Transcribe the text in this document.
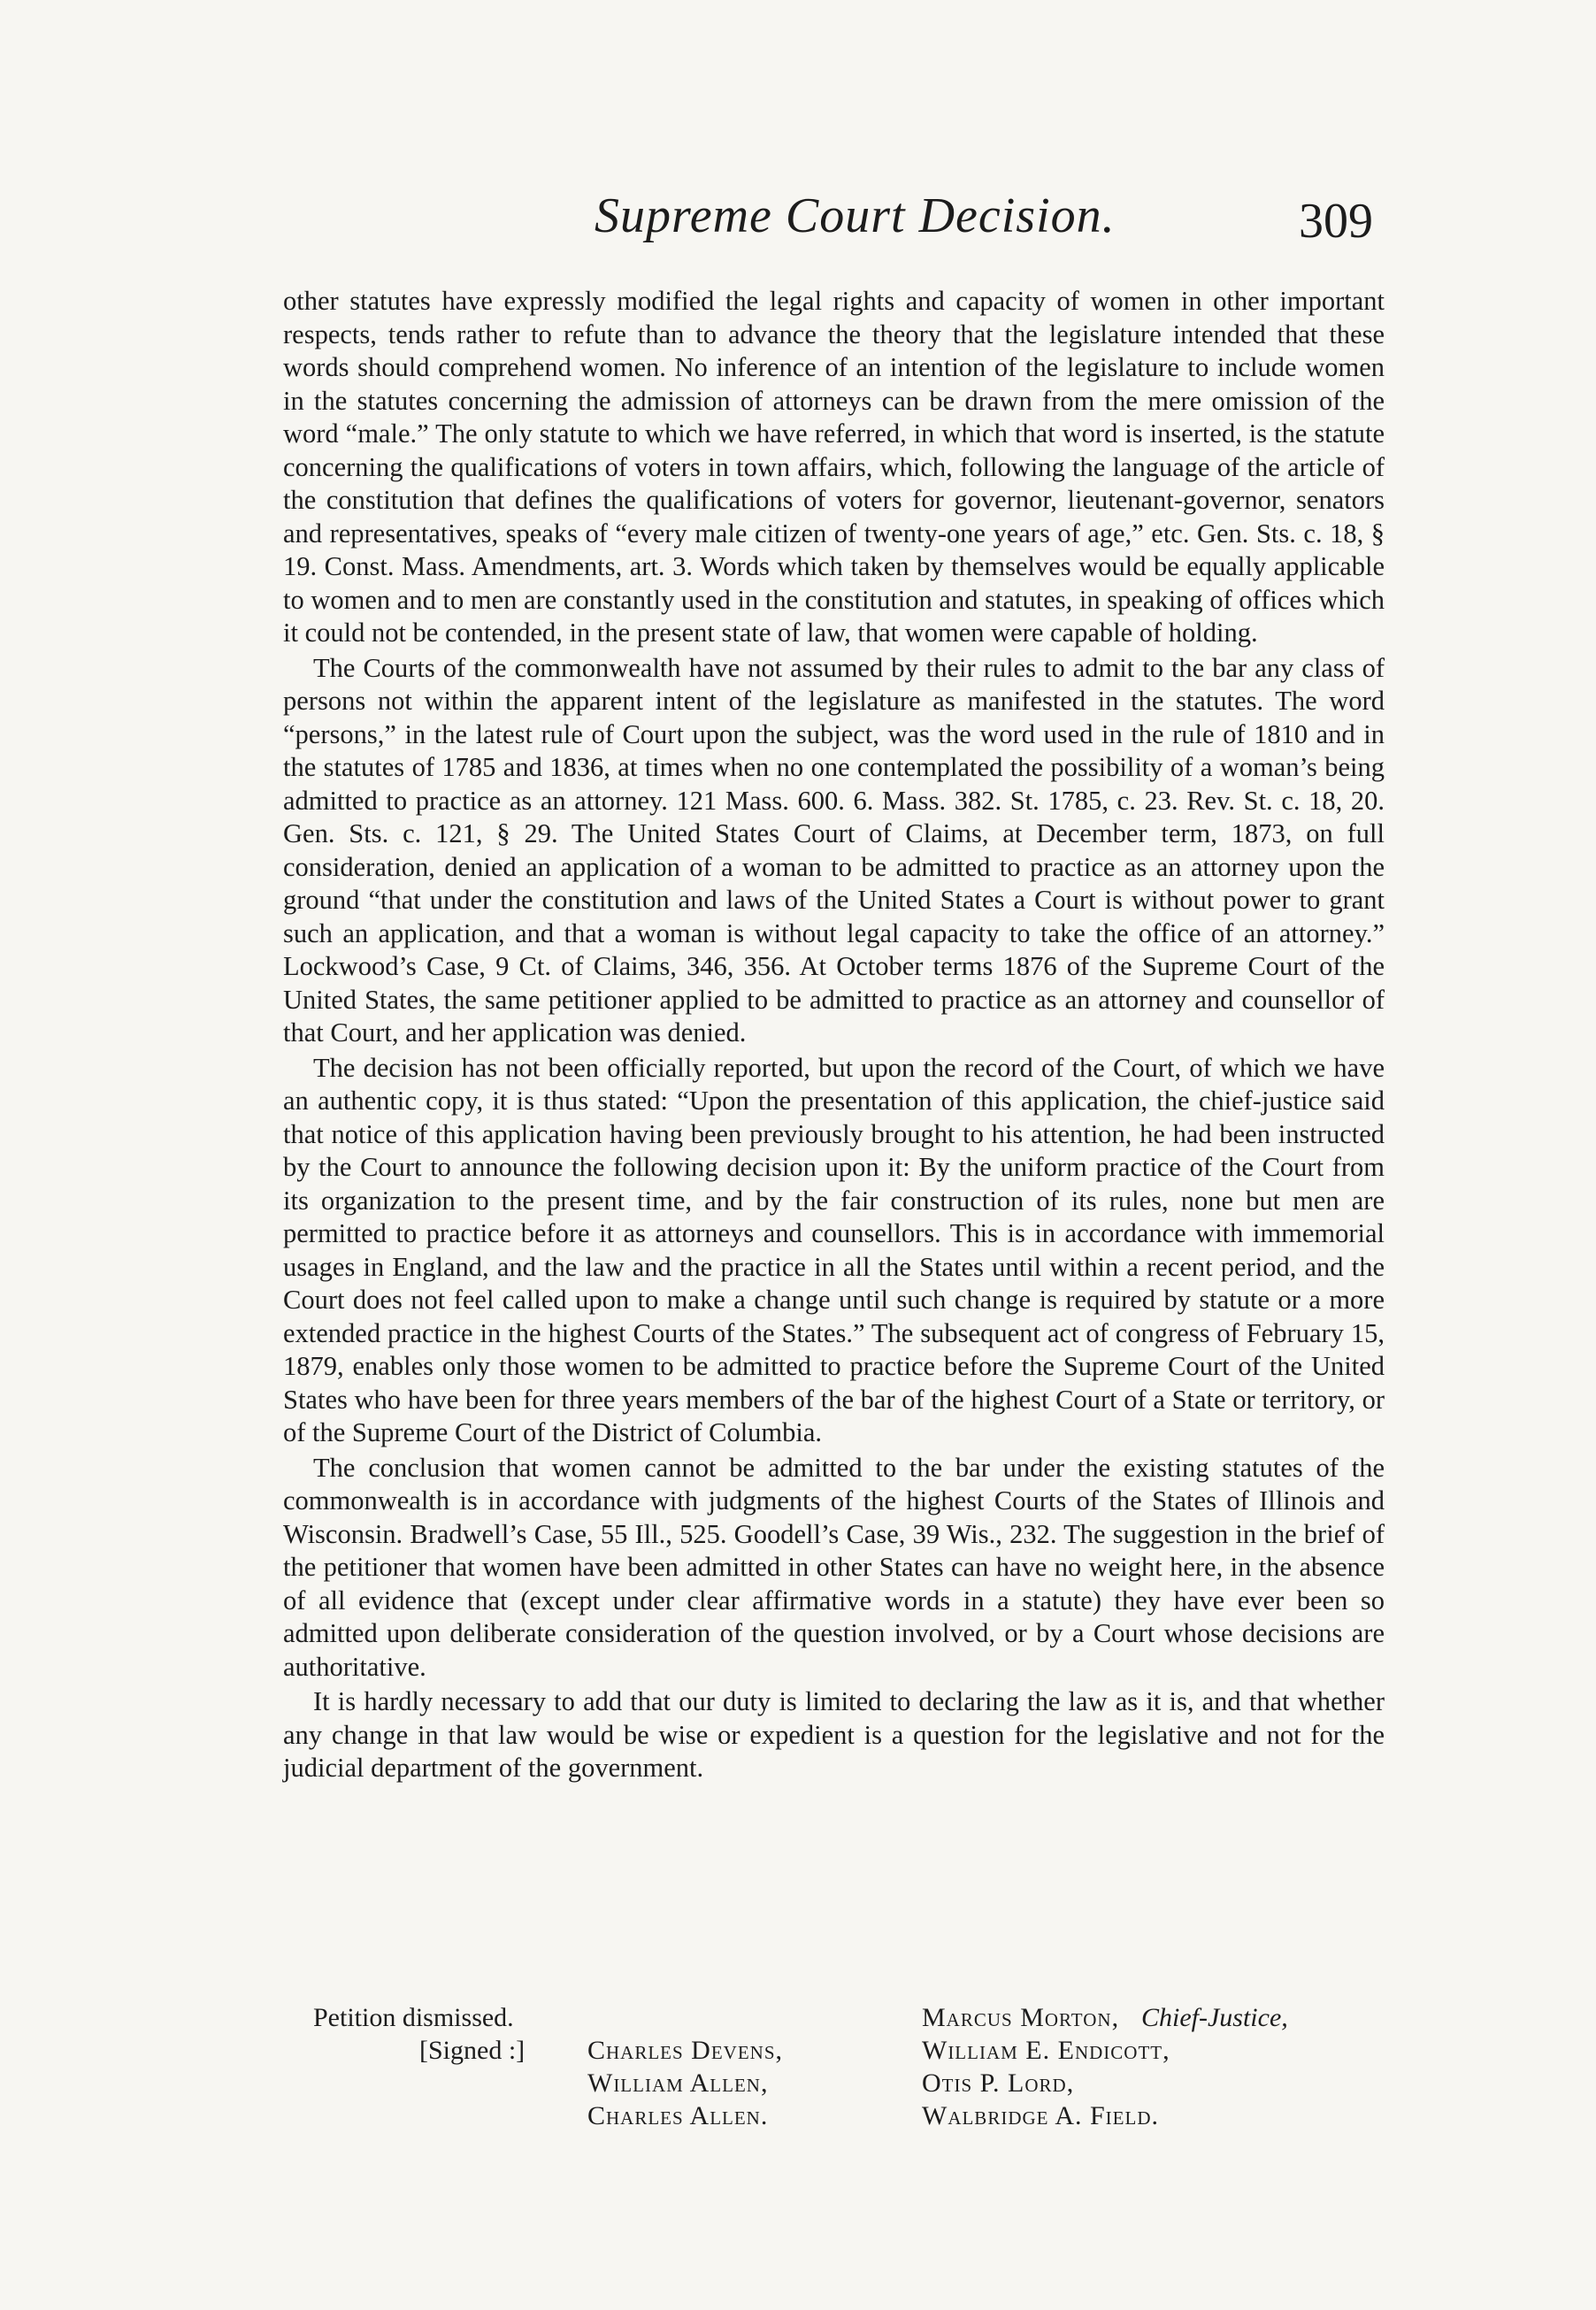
Supreme Court Decision.	309

other statutes have expressly modified the legal rights and capacity of women in other important respects, tends rather to refute than to advance the theory that the legislature intended that these words should comprehend women. No inference of an intention of the legislature to include women in the statutes concerning the admission of attorneys can be drawn from the mere omission of the word “male.” The only statute to which we have referred, in which that word is inserted, is the statute concerning the qualifications of voters in town affairs, which, following the language of the article of the constitution that defines the qualifications of voters for governor, lieutenant-governor, senators and representatives, speaks of “every male citizen of twenty-one years of age,” etc. Gen. Sts. c. 18, § 19. Const. Mass. Amendments, art. 3. Words which taken by themselves would be equally applicable to women and to men are constantly used in the constitution and statutes, in speaking of offices which it could not be contended, in the present state of law, that women were capable of holding.

The Courts of the commonwealth have not assumed by their rules to admit to the bar any class of persons not within the apparent intent of the legislature as manifested in the statutes. The word “persons,” in the latest rule of Court upon the subject, was the word used in the rule of 1810 and in the statutes of 1785 and 1836, at times when no one contemplated the possibility of a woman’s being admitted to practice as an attorney. 121 Mass. 600. 6. Mass. 382. St. 1785, c. 23. Rev. St. c. 18, 20. Gen. Sts. c. 121, § 29. The United States Court of Claims, at December term, 1873, on full consideration, denied an application of a woman to be admitted to practice as an attorney upon the ground “that under the constitution and laws of the United States a Court is without power to grant such an application, and that a woman is without legal capacity to take the office of an attorney.” Lockwood’s Case, 9 Ct. of Claims, 346, 356. At October terms 1876 of the Supreme Court of the United States, the same petitioner applied to be admitted to practice as an attorney and counsellor of that Court, and her application was denied.

The decision has not been officially reported, but upon the record of the Court, of which we have an authentic copy, it is thus stated: “Upon the presentation of this application, the chief-justice said that notice of this application having been previously brought to his attention, he had been instructed by the Court to announce the following decision upon it: By the uniform practice of the Court from its organization to the present time, and by the fair construction of its rules, none but men are permitted to practice before it as attorneys and counsellors. This is in accordance with immemorial usages in England, and the law and the practice in all the States until within a recent period, and the Court does not feel called upon to make a change until such change is required by statute or a more extended practice in the highest Courts of the States.” The subsequent act of congress of February 15, 1879, enables only those women to be admitted to practice before the Supreme Court of the United States who have been for three years members of the bar of the highest Court of a State or territory, or of the Supreme Court of the District of Columbia.

The conclusion that women cannot be admitted to the bar under the existing statutes of the commonwealth is in accordance with judgments of the highest Courts of the States of Illinois and Wisconsin. Bradwell’s Case, 55 Ill., 525. Goodell’s Case, 39 Wis., 232. The suggestion in the brief of the petitioner that women have been admitted in other States can have no weight here, in the absence of all evidence that (except under clear affirmative words in a statute) they have ever been so admitted upon deliberate consideration of the question involved, or by a Court whose decisions are authoritative.

It is hardly necessary to add that our duty is limited to declaring the law as it is, and that whether any change in that law would be wise or expedient is a question for the legislative and not for the judicial department of the government.

Petition dismissed.
[Signed :]
Marcus Morton, Chief-Justice,
Charles Devens,
William Allen,
Charles Allen.
William E. Endicott,
Otis P. Lord,
Walbridge A. Field.
